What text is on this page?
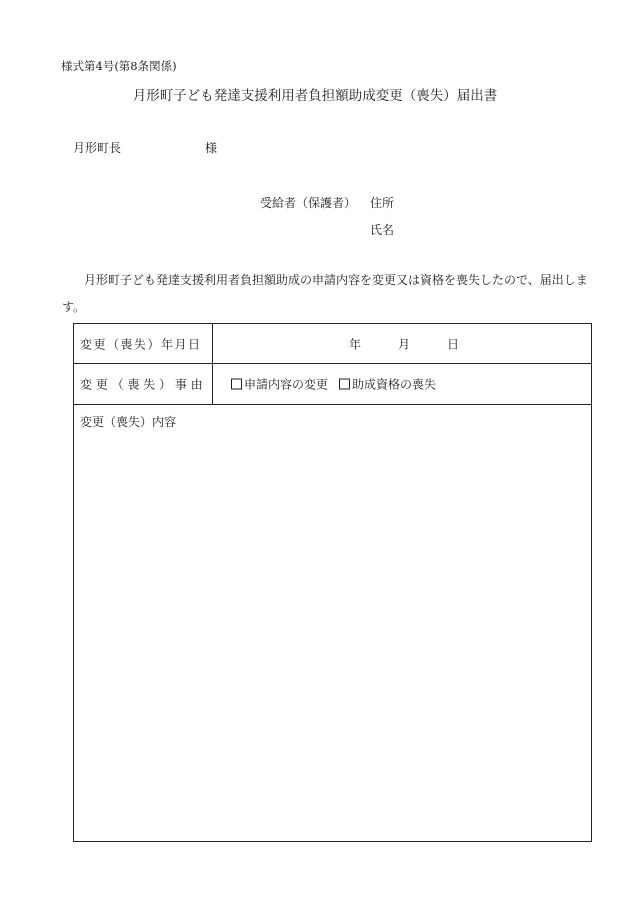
様式第4号(第8条関係)
月形町子ども発達支援利用者負担額助成変更（喪失）届出書
月形町長	様
受給者（保護者） 住所
氏名
月形町子ども発達支援利用者負担額助成の申請内容を変更又は資格を喪失したので、届出します。
変更（喪失）年月日	年	月	日
変 更 （ 喪 失 ） 事 由	申請内容の変更	助成資格の喪失
変更（喪失）内容
